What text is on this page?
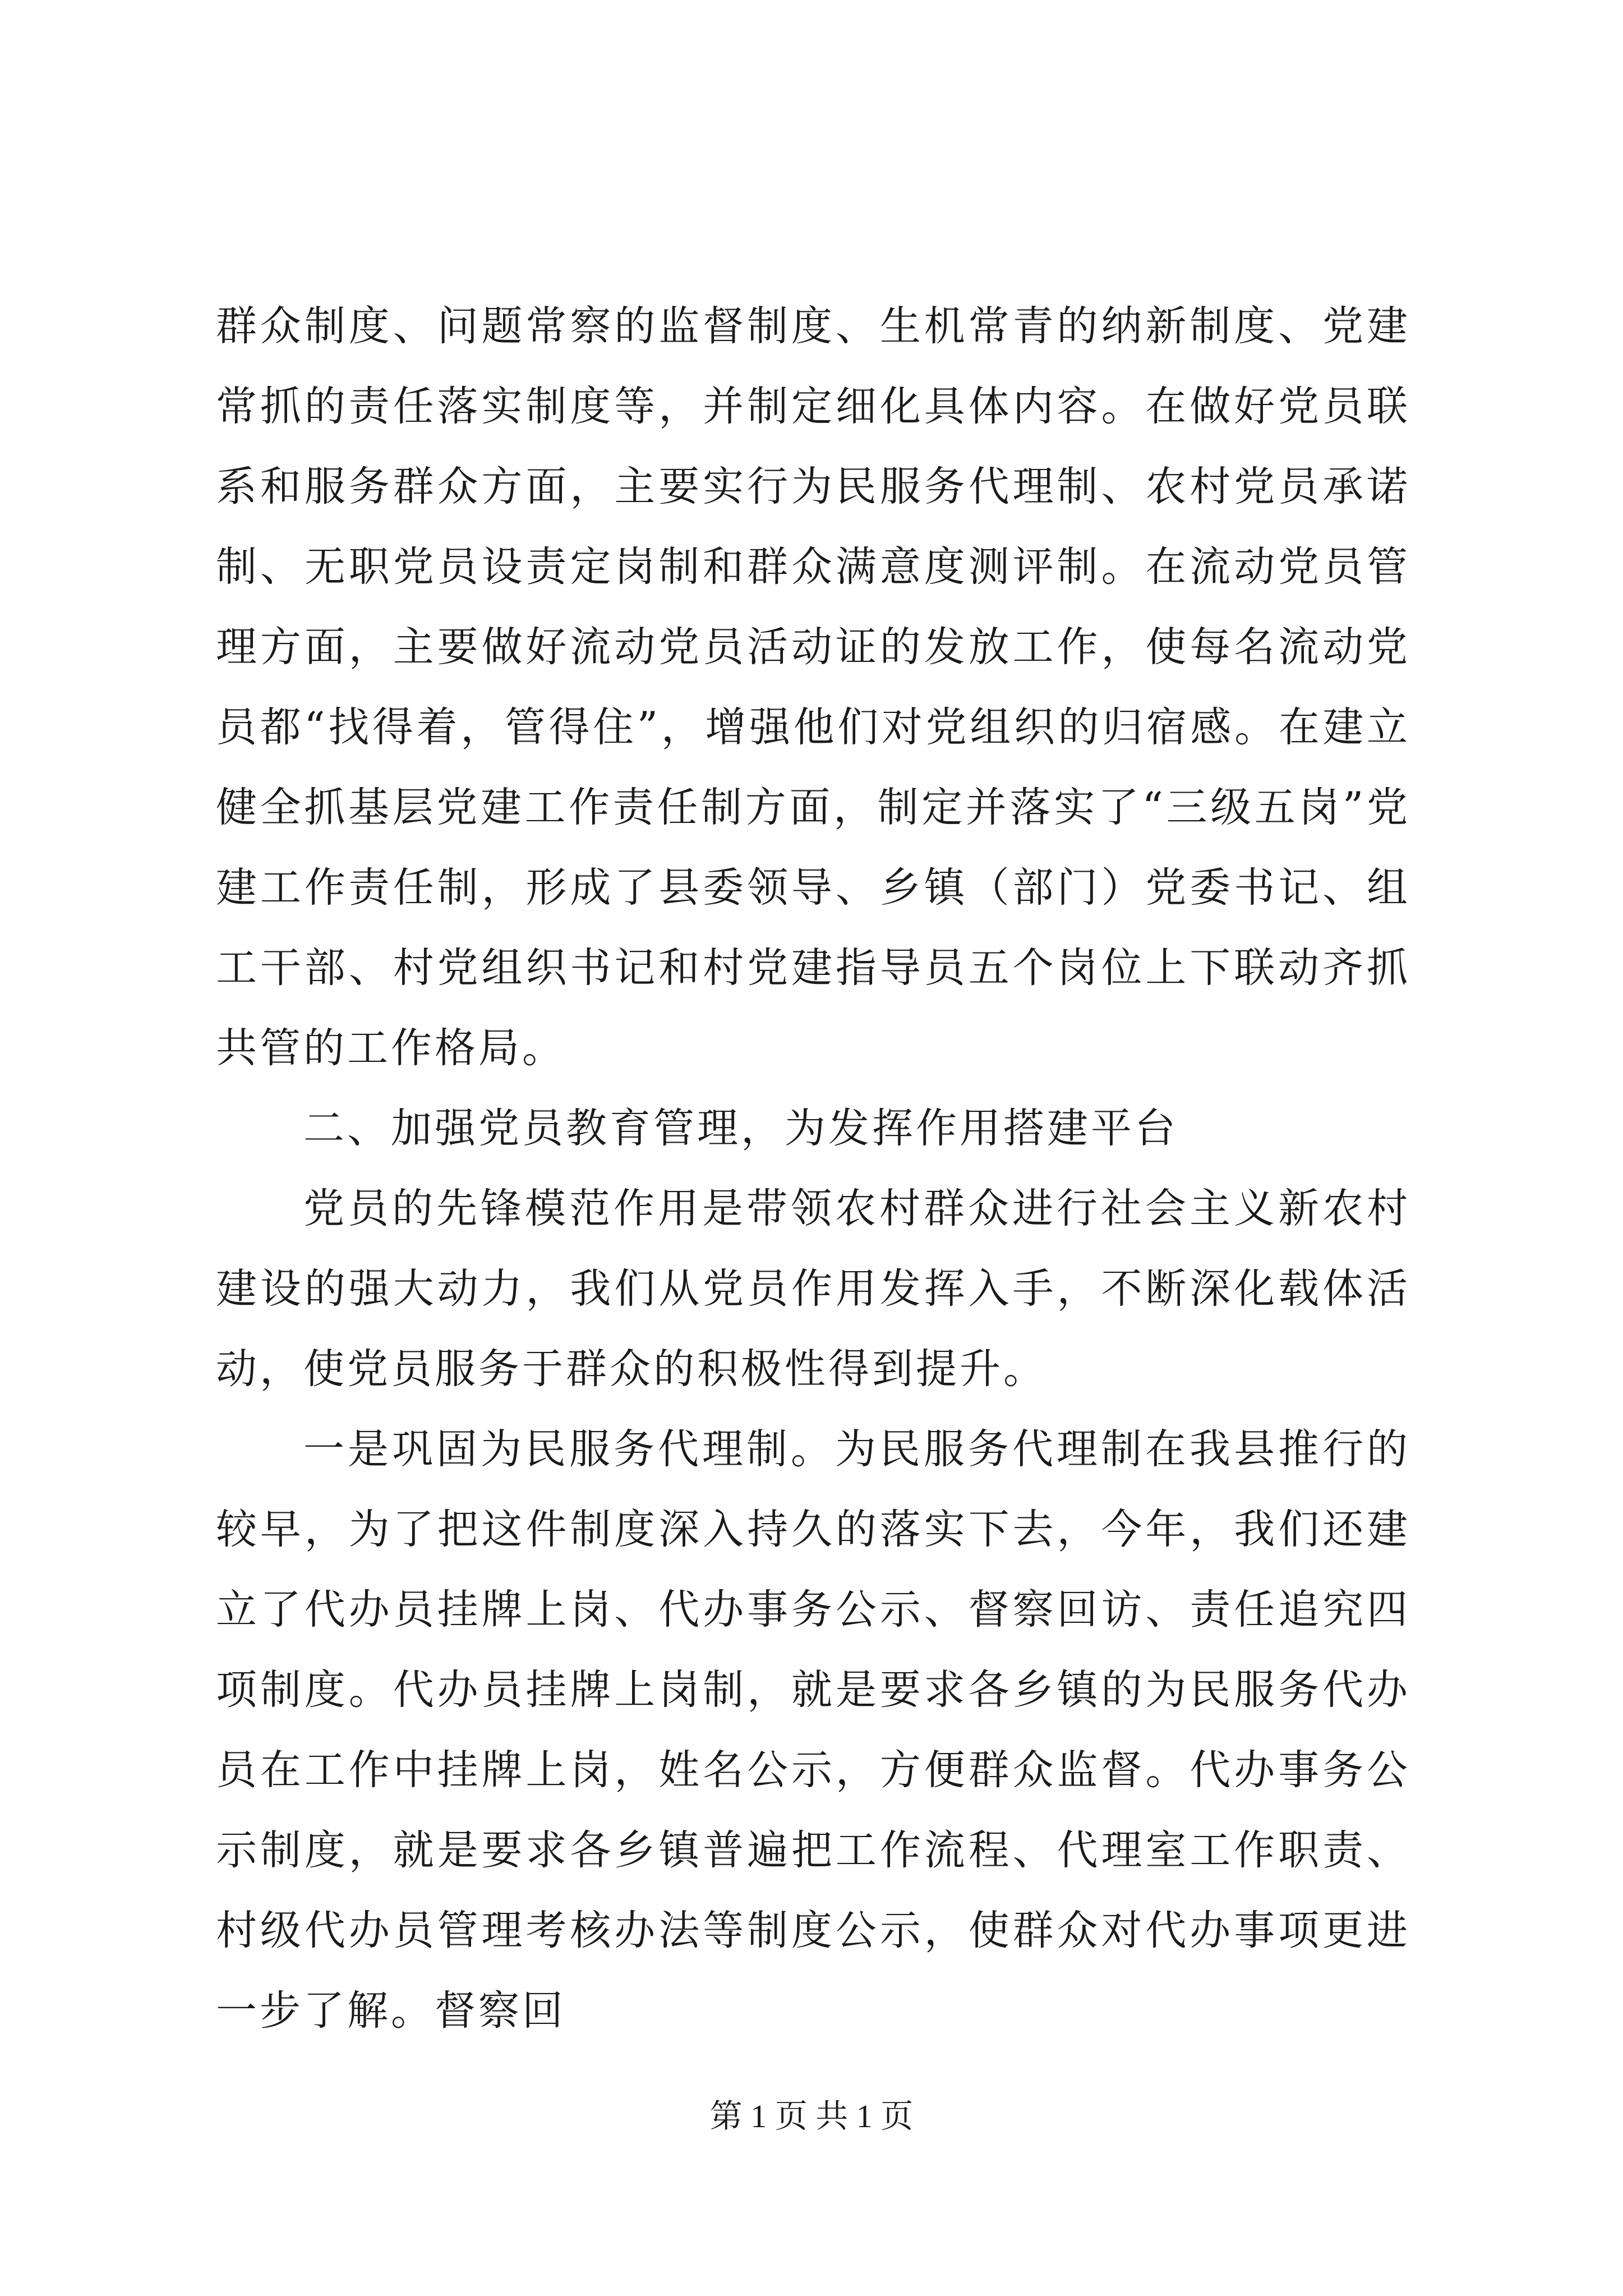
群众制度、问题常察的监督制度、生机常青的纳新制度、党建常抓的责任落实制度等，并制定细化具体内容。在做好党员联系和服务群众方面，主要实行为民服务代理制、农村党员承诺制、无职党员设责定岗制和群众满意度测评制。在流动党员管理方面，主要做好流动党员活动证的发放工作，使每名流动党员都“找得着，管得住”，增强他们对党组织的归宿感。在建立健全抓基层党建工作责任制方面，制定并落实了“三级五岗”党建工作责任制，形成了县委领导、乡镇（部门）党委书记、组工干部、村党组织书记和村党建指导员五个岗位上下联动齐抓共管的工作格局。

二、加强党员教育管理，为发挥作用搭建平台

党员的先锋模范作用是带领农村群众进行社会主义新农村建设的强大动力，我们从党员作用发挥入手，不断深化载体活动，使党员服务于群众的积极性得到提升。

一是巩固为民服务代理制。为民服务代理制在我县推行的较早，为了把这件制度深入持久的落实下去，今年，我们还建立了代办员挂牌上岗、代办事务公示、督察回访、责任追究四项制度。代办员挂牌上岗制，就是要求各乡镇的为民服务代办员在工作中挂牌上岗，姓名公示，方便群众监督。代办事务公示制度，就是要求各乡镇普遍把工作流程、代理室工作职责、村级代办员管理考核办法等制度公示，使群众对代办事项更进一步了解。督察回

第 1 页 共 1 页
